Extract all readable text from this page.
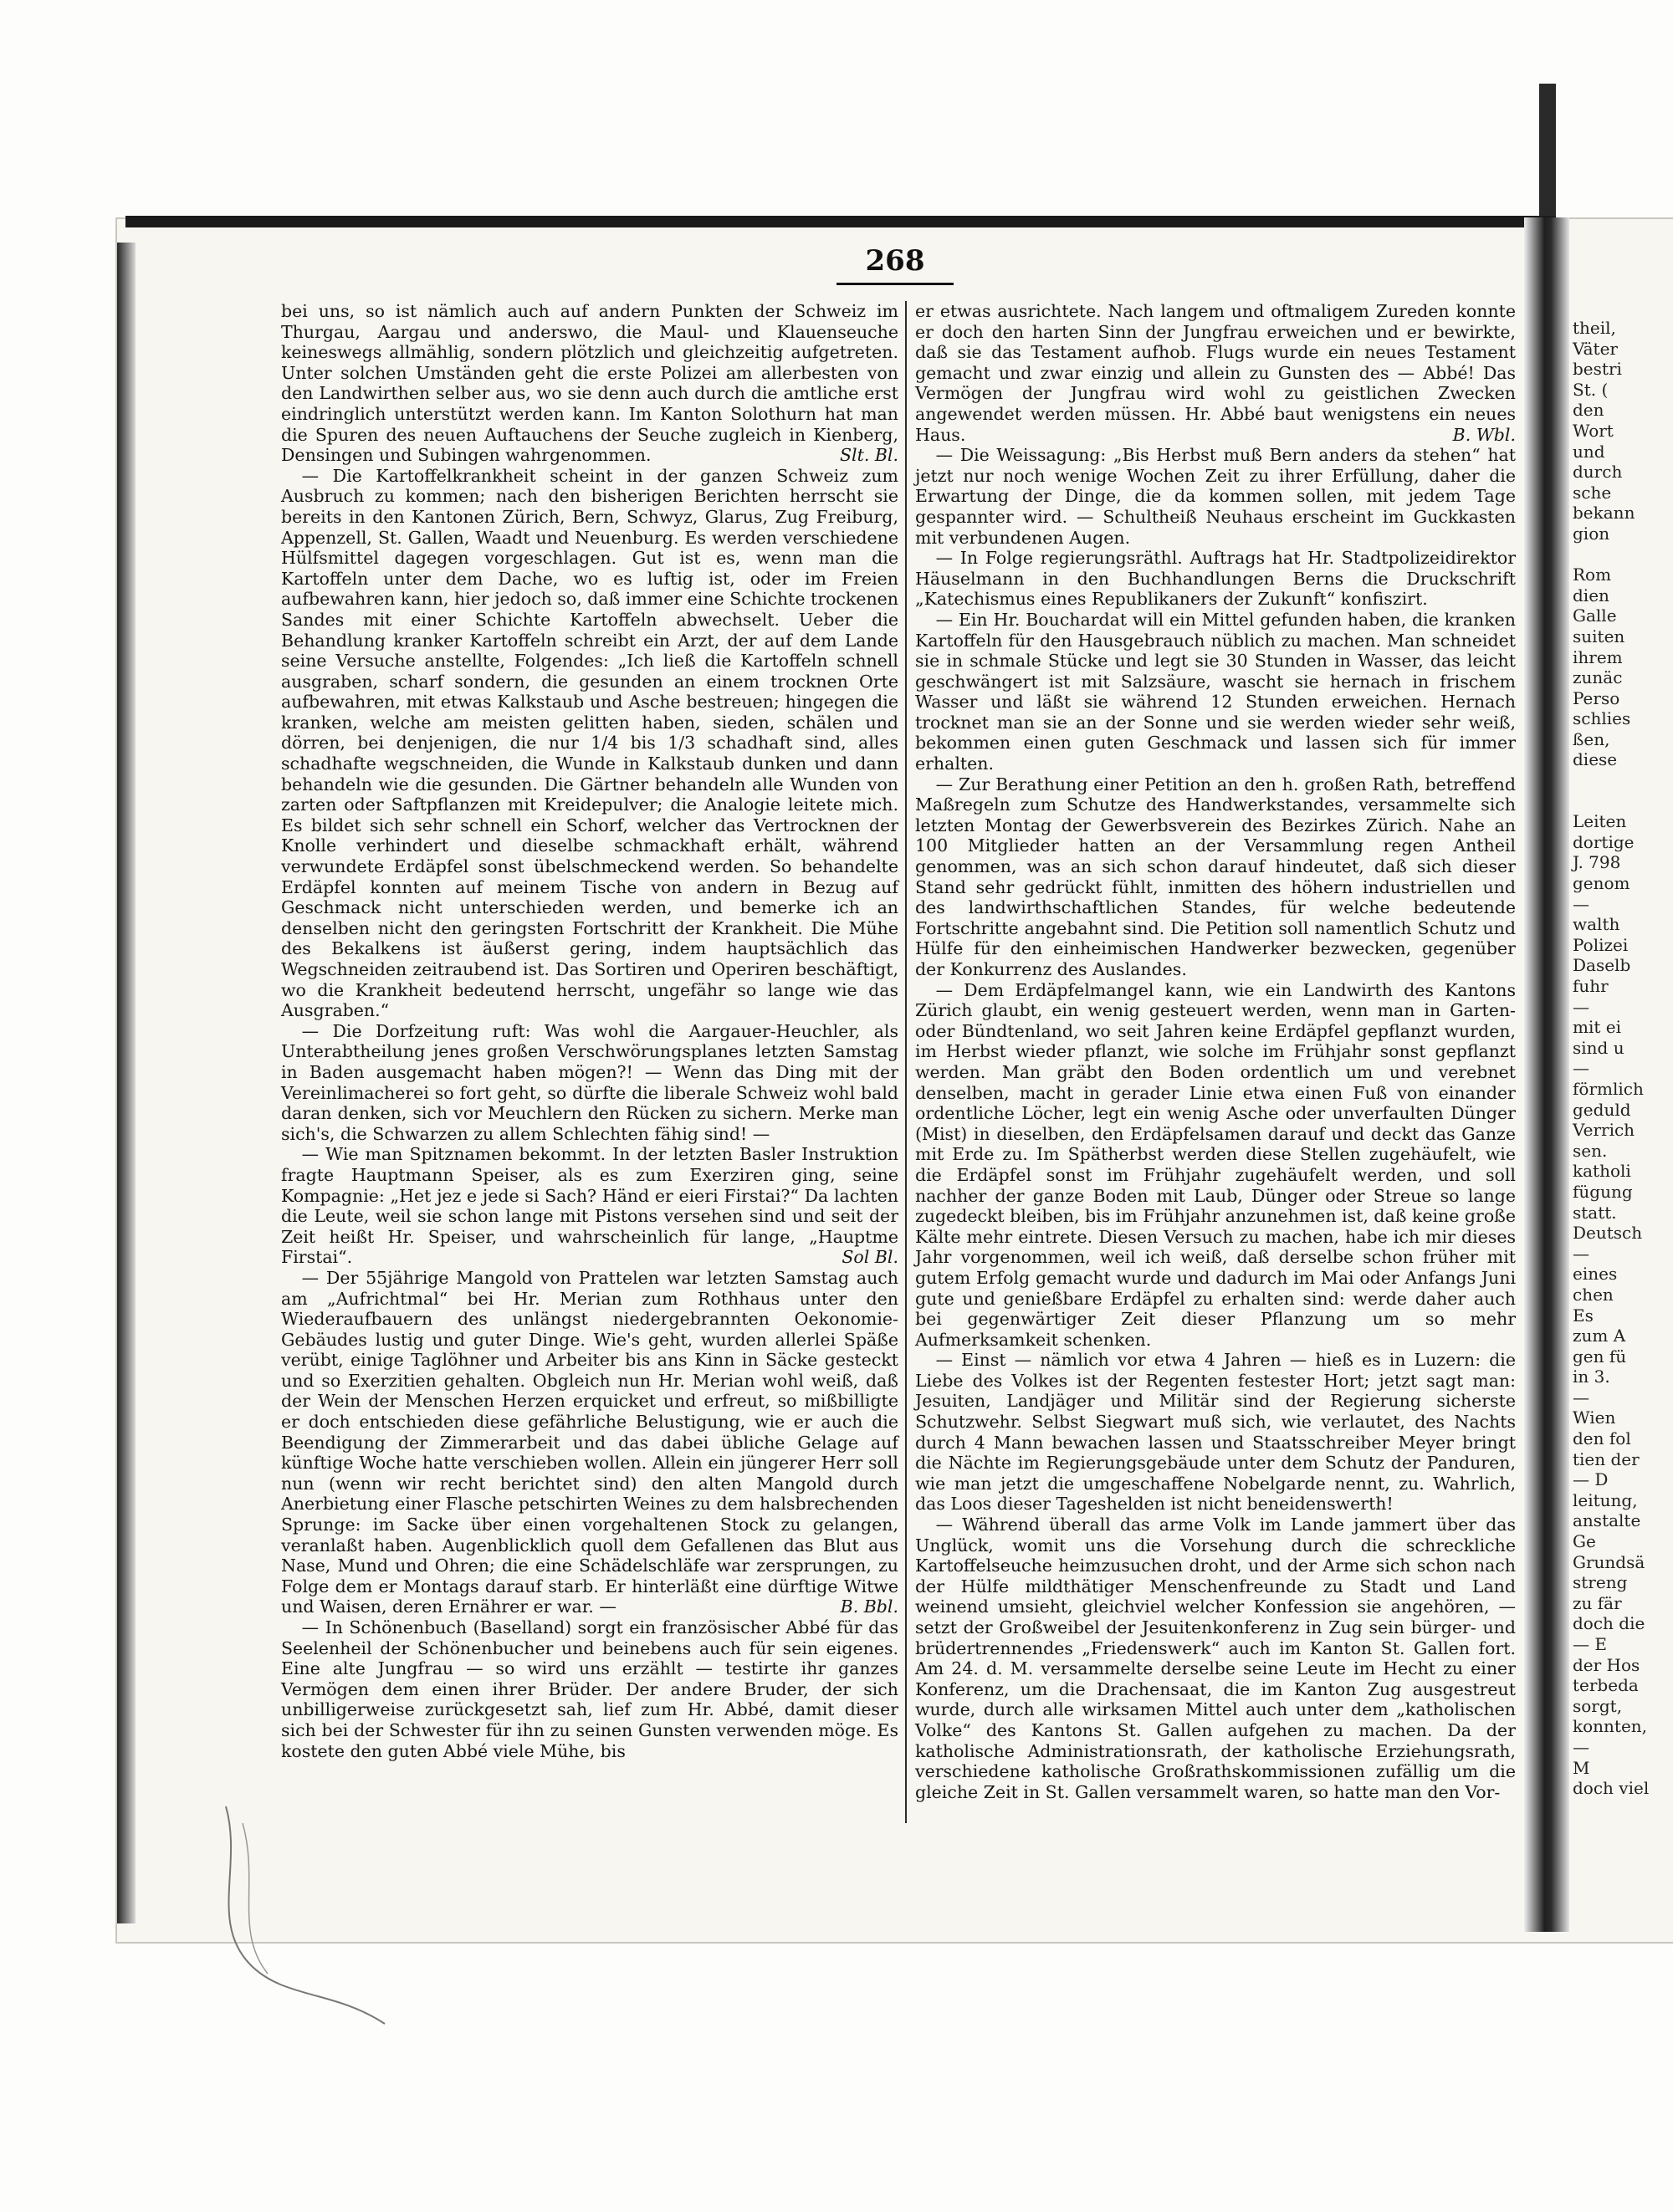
268

bei uns, so ist nämlich auch auf andern Punkten der Schweiz im Thurgau, Aargau und anderswo, die Maul- und Klauenseuche keineswegs allmählig, sondern plötzlich und gleichzeitig aufgetreten. Unter solchen Umständen geht die erste Polizei am allerbesten von den Landwirthen selber aus, wo sie denn auch durch die amtliche erst eindringlich unterstützt werden kann. Im Kanton Solothurn hat man die Spuren des neuen Auftauchens der Seuche zugleich in Kienberg, Densingen und Subingen wahrgenommen.	Slt. Bl.

— Die Kartoffelkrankheit scheint in der ganzen Schweiz zum Ausbruch zu kommen; nach den bisherigen Berichten herrscht sie bereits in den Kantonen Zürich, Bern, Schwyz, Glarus, Zug Freiburg, Appenzell, St. Gallen, Waadt und Neuenburg. Es werden verschiedene Hülfsmittel dagegen vorgeschlagen. Gut ist es, wenn man die Kartoffeln unter dem Dache, wo es luftig ist, oder im Freien aufbewahren kann, hier jedoch so, daß immer eine Schichte trockenen Sandes mit einer Schichte Kartoffeln abwechselt. Ueber die Behandlung kranker Kartoffeln schreibt ein Arzt, der auf dem Lande seine Versuche anstellte, Folgendes: „Ich ließ die Kartoffeln schnell ausgraben, scharf sondern, die gesunden an einem trocknen Orte aufbewahren, mit etwas Kalkstaub und Asche bestreuen; hingegen die kranken, welche am meisten gelitten haben, sieden, schälen und dörren, bei denjenigen, die nur 1/4 bis 1/3 schadhaft sind, alles schadhafte wegschneiden, die Wunde in Kalkstaub dunken und dann behandeln wie die gesunden. Die Gärtner behandeln alle Wunden von zarten oder Saftpflanzen mit Kreidepulver; die Analogie leitete mich. Es bildet sich sehr schnell ein Schorf, welcher das Vertrocknen der Knolle verhindert und dieselbe schmackhaft erhält, während verwundete Erdäpfel sonst übelschmeckend werden. So behandelte Erdäpfel konnten auf meinem Tische von andern in Bezug auf Geschmack nicht unterschieden werden, und bemerke ich an denselben nicht den geringsten Fortschritt der Krankheit. Die Mühe des Bekalkens ist äußerst gering, indem hauptsächlich das Wegschneiden zeitraubend ist. Das Sortiren und Operiren beschäftigt, wo die Krankheit bedeutend herrscht, ungefähr so lange wie das Ausgraben.“

— Die Dorfzeitung ruft: Was wohl die Aargauer-Heuchler, als Unterabtheilung jenes großen Verschwörungsplanes letzten Samstag in Baden ausgemacht haben mögen?! — Wenn das Ding mit der Vereinlimacherei so fort geht, so dürfte die liberale Schweiz wohl bald daran denken, sich vor Meuchlern den Rücken zu sichern. Merke man sich's, die Schwarzen zu allem Schlechten fähig sind! —

— Wie man Spitznamen bekommt. In der letzten Basler Instruktion fragte Hauptmann Speiser, als es zum Exerziren ging, seine Kompagnie: „Het jez e jede si Sach? Händ er eieri Firstai?“ Da lachten die Leute, weil sie schon lange mit Pistons versehen sind und seit der Zeit heißt Hr. Speiser, und wahrscheinlich für lange, „Hauptme Firstai“.	Sol Bl.

— Der 55jährige Mangold von Prattelen war letzten Samstag auch am „Aufrichtmal“ bei Hr. Merian zum Rothhaus unter den Wiederaufbauern des unlängst niedergebrannten Oekonomie-Gebäudes lustig und guter Dinge. Wie's geht, wurden allerlei Späße verübt, einige Taglöhner und Arbeiter bis ans Kinn in Säcke gesteckt und so Exerzitien gehalten. Obgleich nun Hr. Merian wohl weiß, daß der Wein der Menschen Herzen erquicket und erfreut, so mißbilligte er doch entschieden diese gefährliche Belustigung, wie er auch die Beendigung der Zimmerarbeit und das dabei übliche Gelage auf künftige Woche hatte verschieben wollen. Allein ein jüngerer Herr soll nun (wenn wir recht berichtet sind) den alten Mangold durch Anerbietung einer Flasche petschirten Weines zu dem halsbrechenden Sprunge: im Sacke über einen vorgehaltenen Stock zu gelangen, veranlaßt haben. Augenblicklich quoll dem Gefallenen das Blut aus Nase, Mund und Ohren; die eine Schädelschläfe war zersprungen, zu Folge dem er Montags darauf starb. Er hinterläßt eine dürftige Witwe und Waisen, deren Ernährer er war. —	B. Bbl.

— In Schönenbuch (Baselland) sorgt ein französischer Abbé für das Seelenheil der Schönenbucher und beinebens auch für sein eigenes. Eine alte Jungfrau — so wird uns erzählt — testirte ihr ganzes Vermögen dem einen ihrer Brüder. Der andere Bruder, der sich unbilligerweise zurückgesetzt sah, lief zum Hr. Abbé, damit dieser sich bei der Schwester für ihn zu seinen Gunsten verwenden möge. Es kostete den guten Abbé viele Mühe, bis

er etwas ausrichtete. Nach langem und oftmaligem Zureden konnte er doch den harten Sinn der Jungfrau erweichen und er bewirkte, daß sie das Testament aufhob. Flugs wurde ein neues Testament gemacht und zwar einzig und allein zu Gunsten des — Abbé! Das Vermögen der Jungfrau wird wohl zu geistlichen Zwecken angewendet werden müssen. Hr. Abbé baut wenigstens ein neues Haus.	B. Wbl.

— Die Weissagung: „Bis Herbst muß Bern anders da stehen“ hat jetzt nur noch wenige Wochen Zeit zu ihrer Erfüllung, daher die Erwartung der Dinge, die da kommen sollen, mit jedem Tage gespannter wird. — Schultheiß Neuhaus erscheint im Guckkasten mit verbundenen Augen.

— In Folge regierungsräthl. Auftrags hat Hr. Stadtpolizeidirektor Häuselmann in den Buchhandlungen Berns die Druckschrift „Katechismus eines Republikaners der Zukunft“ konfiszirt.

— Ein Hr. Bouchardat will ein Mittel gefunden haben, die kranken Kartoffeln für den Hausgebrauch nüblich zu machen. Man schneidet sie in schmale Stücke und legt sie 30 Stunden in Wasser, das leicht geschwängert ist mit Salzsäure, wascht sie hernach in frischem Wasser und läßt sie während 12 Stunden erweichen. Hernach trocknet man sie an der Sonne und sie werden wieder sehr weiß, bekommen einen guten Geschmack und lassen sich für immer erhalten.

— Zur Berathung einer Petition an den h. großen Rath, betreffend Maßregeln zum Schutze des Handwerkstandes, versammelte sich letzten Montag der Gewerbsverein des Bezirkes Zürich. Nahe an 100 Mitglieder hatten an der Versammlung regen Antheil genommen, was an sich schon darauf hindeutet, daß sich dieser Stand sehr gedrückt fühlt, inmitten des höhern industriellen und des landwirthschaftlichen Standes, für welche bedeutende Fortschritte angebahnt sind. Die Petition soll namentlich Schutz und Hülfe für den einheimischen Handwerker bezwecken, gegenüber der Konkurrenz des Auslandes.

— Dem Erdäpfelmangel kann, wie ein Landwirth des Kantons Zürich glaubt, ein wenig gesteuert werden, wenn man in Garten- oder Bündtenland, wo seit Jahren keine Erdäpfel gepflanzt wurden, im Herbst wieder pflanzt, wie solche im Frühjahr sonst gepflanzt werden. Man gräbt den Boden ordentlich um und verebnet denselben, macht in gerader Linie etwa einen Fuß von einander ordentliche Löcher, legt ein wenig Asche oder unverfaulten Dünger (Mist) in dieselben, den Erdäpfelsamen darauf und deckt das Ganze mit Erde zu. Im Spätherbst werden diese Stellen zugehäufelt, wie die Erdäpfel sonst im Frühjahr zugehäufelt werden, und soll nachher der ganze Boden mit Laub, Dünger oder Streue so lange zugedeckt bleiben, bis im Frühjahr anzunehmen ist, daß keine große Kälte mehr eintrete. Diesen Versuch zu machen, habe ich mir dieses Jahr vorgenommen, weil ich weiß, daß derselbe schon früher mit gutem Erfolg gemacht wurde und dadurch im Mai oder Anfangs Juni gute und genießbare Erdäpfel zu erhalten sind: werde daher auch bei gegenwärtiger Zeit dieser Pflanzung um so mehr Aufmerksamkeit schenken.

— Einst — nämlich vor etwa 4 Jahren — hieß es in Luzern: die Liebe des Volkes ist der Regenten festester Hort; jetzt sagt man: Jesuiten, Landjäger und Militär sind der Regierung sicherste Schutzwehr. Selbst Siegwart muß sich, wie verlautet, des Nachts durch 4 Mann bewachen lassen und Staatsschreiber Meyer bringt die Nächte im Regierungsgebäude unter dem Schutz der Panduren, wie man jetzt die umgeschaffene Nobelgarde nennt, zu. Wahrlich, das Loos dieser Tageshelden ist nicht beneidenswerth!

— Während überall das arme Volk im Lande jammert über das Unglück, womit uns die Vorsehung durch die schreckliche Kartoffelseuche heimzusuchen droht, und der Arme sich schon nach der Hülfe mildthätiger Menschenfreunde zu Stadt und Land weinend umsieht, gleichviel welcher Konfession sie angehören, — setzt der Großweibel der Jesuitenkonferenz in Zug sein bürger- und brüdertrennendes „Friedenswerk“ auch im Kanton St. Gallen fort. Am 24. d. M. versammelte derselbe seine Leute im Hecht zu einer Konferenz, um die Drachensaat, die im Kanton Zug ausgestreut wurde, durch alle wirksamen Mittel auch unter dem „katholischen Volke“ des Kantons St. Gallen aufgehen zu machen. Da der katholische Administrationsrath, der katholische Erziehungsrath, verschiedene katholische Großrathskommissionen zufällig um die gleiche Zeit in St. Gallen versammelt waren, so hatte man den Vor-

theil,
Väter
bestri
St. (
den
Wort
und
durch
sche
bekann
gion
Rom
dien
Galle
suiten
ihrem
zunäc
Perso
schlies
ßen,
diese
Leiten
dortige
J. 798
genom
—
walth
Polizei
Daselb
fuhr
—
mit ei
sind u
—
förmlich
geduld
Verrich
sen.
katholi
fügung
statt.
Deutsch
—
eines
chen
Es
zum A
gen fü
in 3.
—
Wien
den fol
tien der
— D
leitung,
anstalte
Ge
Grundsä
streng
zu fär
doch die
— E
der Hos
terbeda
sorgt,
konnten,
—
M
doch viel
